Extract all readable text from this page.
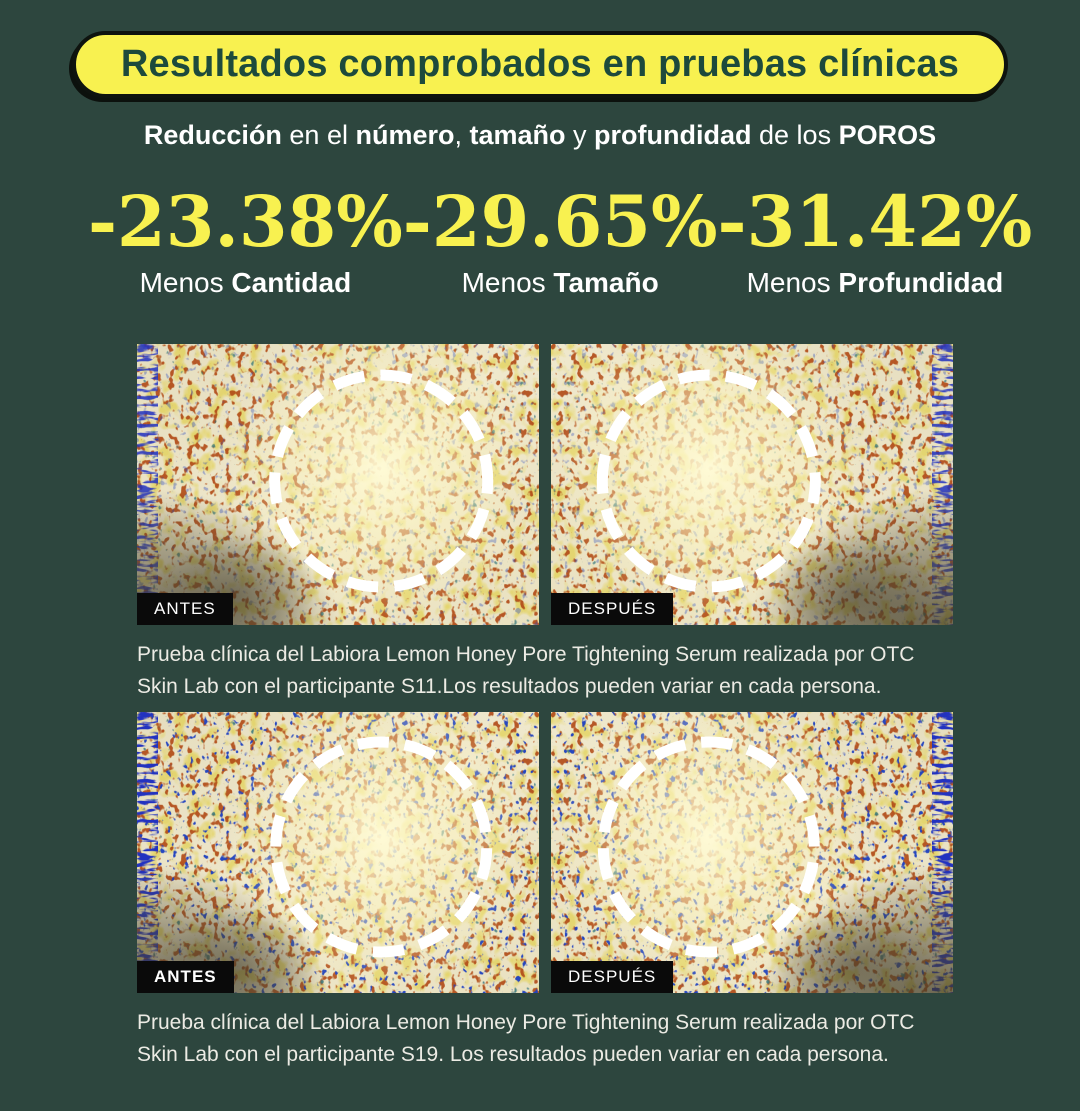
Resultados comprobados en pruebas clínicas
Reducción en el número, tamaño y profundidad de los POROS
-23.38%
Menos Cantidad
-29.65%
Menos Tamaño
-31.42%
Menos Profundidad
ANTES	DESPUÉS
Prueba clínica del Labiora Lemon Honey Pore Tightening Serum realizada por OTC Skin Lab con el participante S11.Los resultados pueden variar en cada persona.
ANTES	DESPUÉS
Prueba clínica del Labiora Lemon Honey Pore Tightening Serum realizada por OTC Skin Lab con el participante S19. Los resultados pueden variar en cada persona.
